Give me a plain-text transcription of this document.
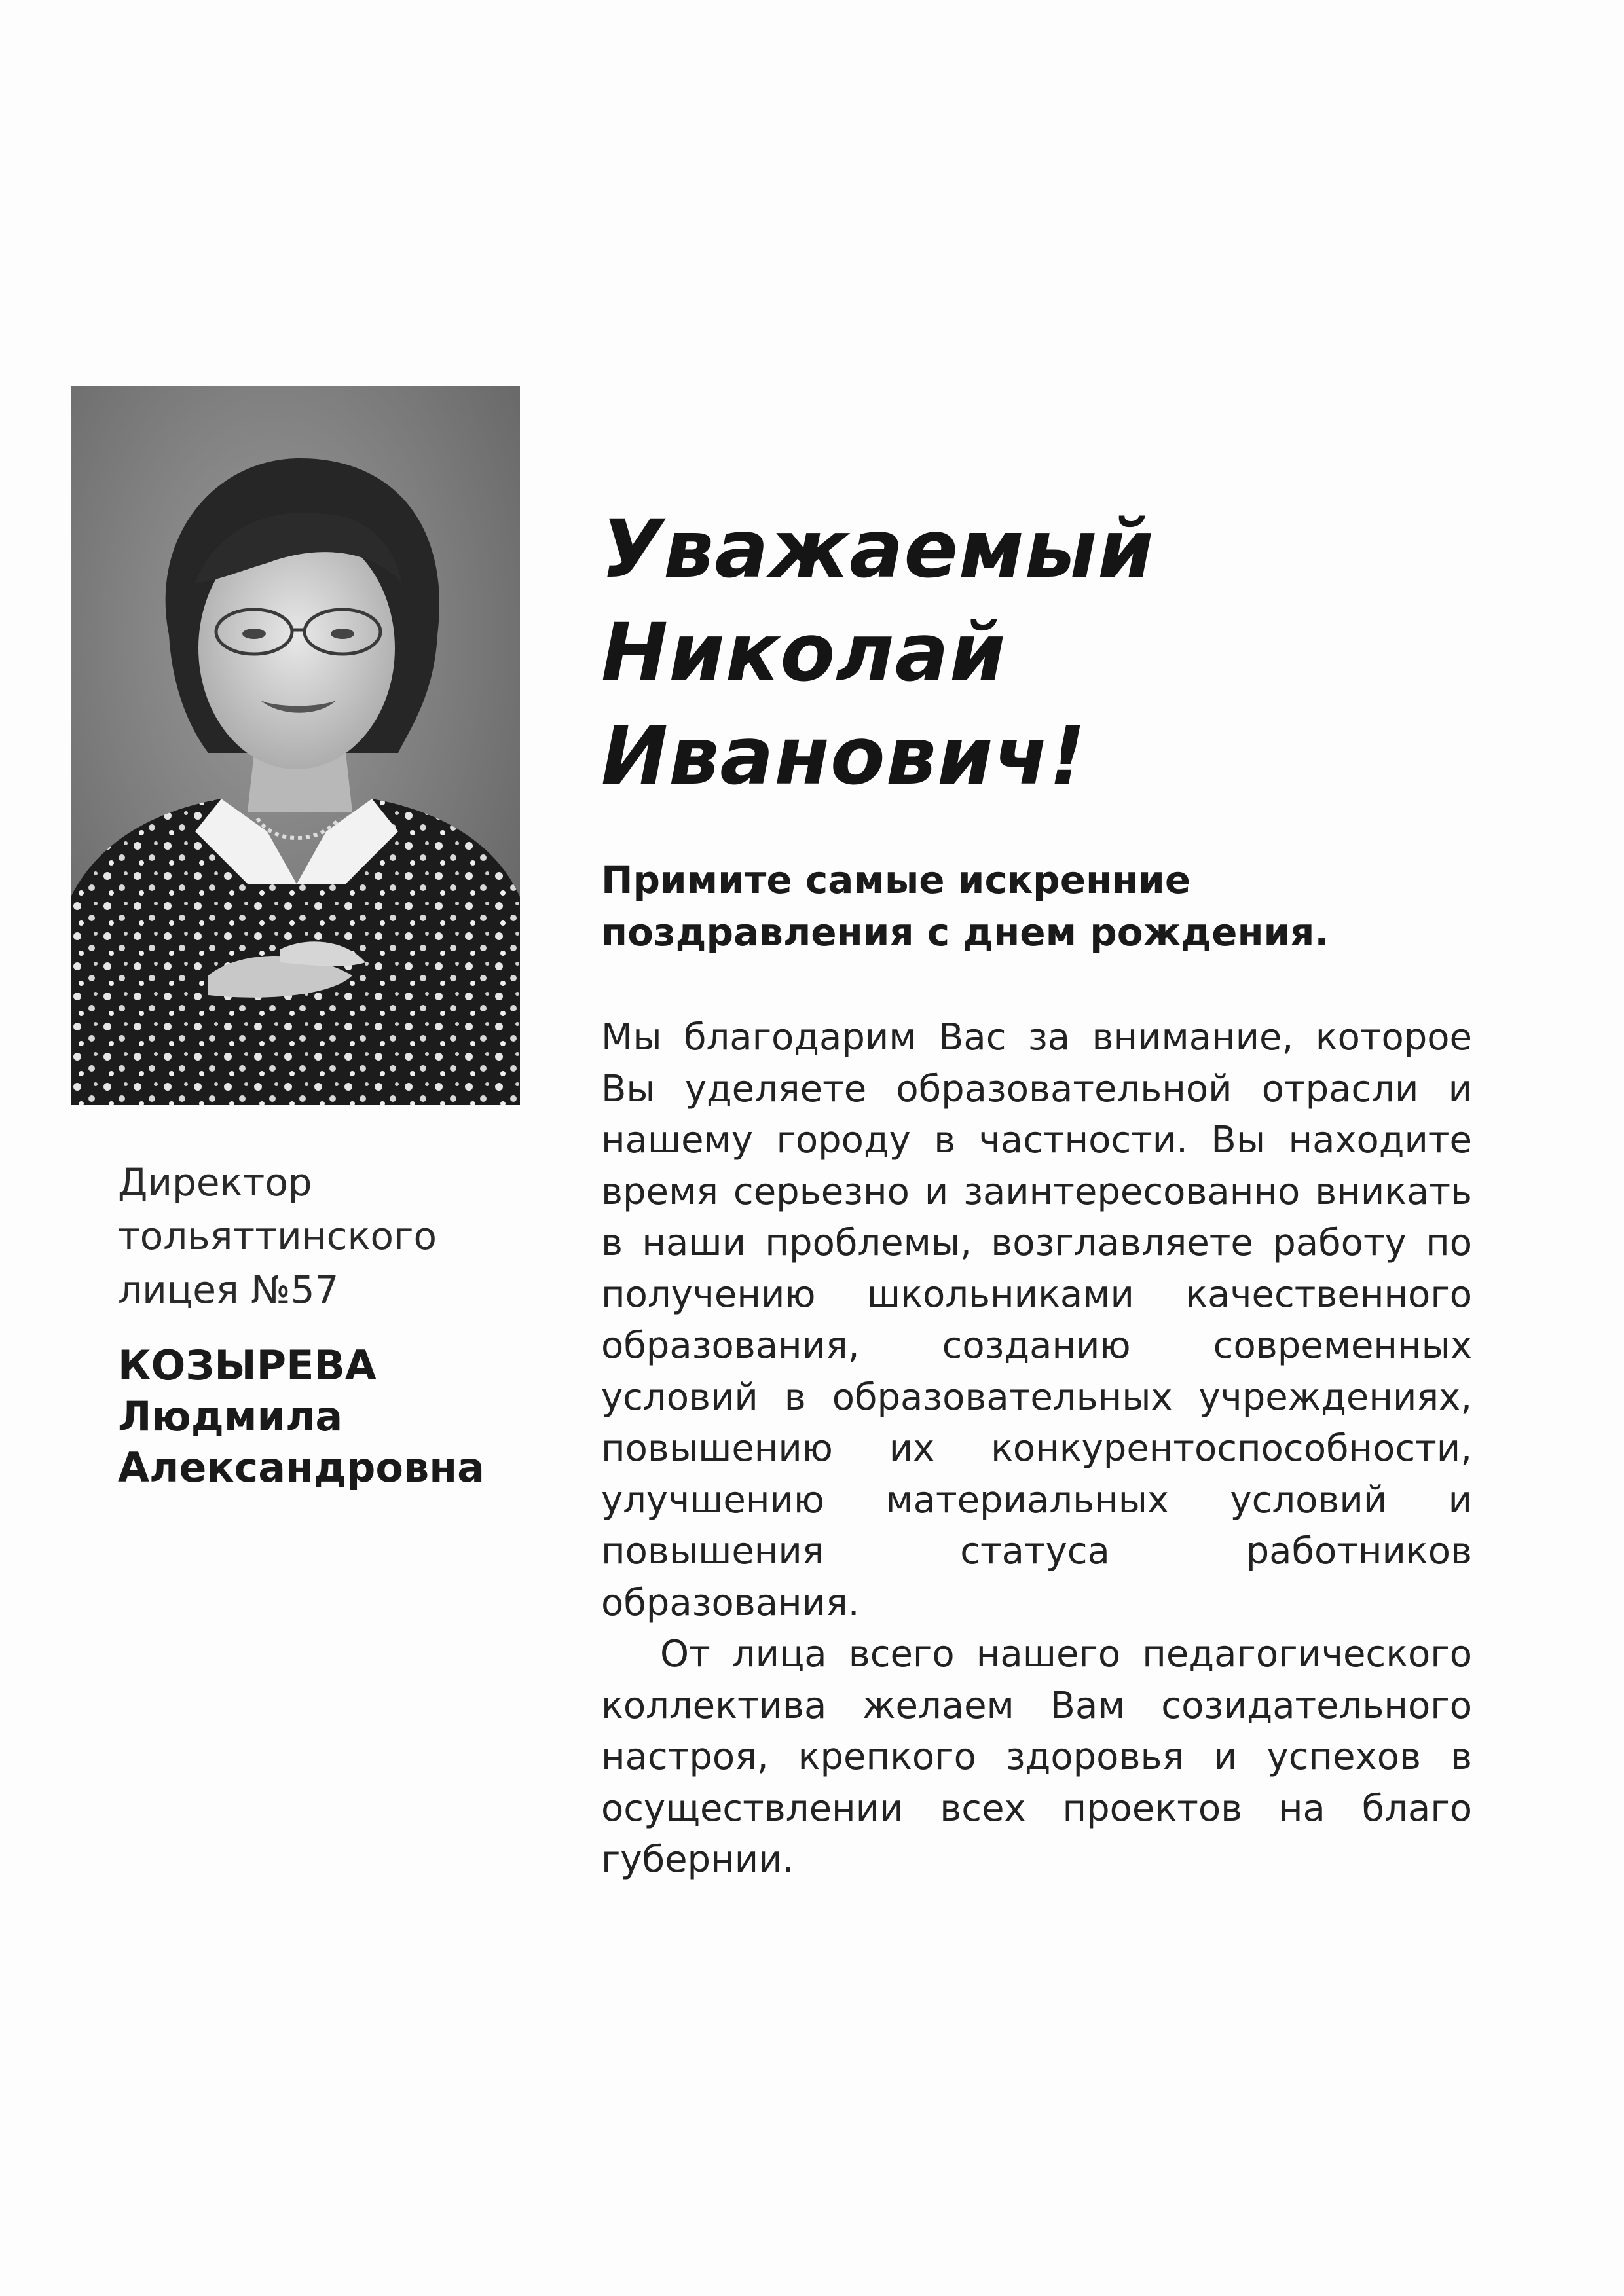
Директор
тольяттинского
лицея №57
КОЗЫРЕВА
Людмила
Александровна
Уважаемый
Николай Иванович!
Примите самые искренние
поздравления с днем рождения.

Мы благодарим Вас за внимание, которое Вы уделяете образовательной отрасли и нашему городу в частности. Вы находите время серьезно и заинтересованно вникать в наши проблемы, возглавляете работу по получению школьниками качественного образования, созданию современных условий в образовательных учреждениях, повышению их конкурентоспособности, улучшению материальных условий и повышения статуса работников образования.

От лица всего нашего педагогического коллектива желаем Вам созидательного настроя, крепкого здоровья и успехов в осуществлении всех проектов на благо губернии.
